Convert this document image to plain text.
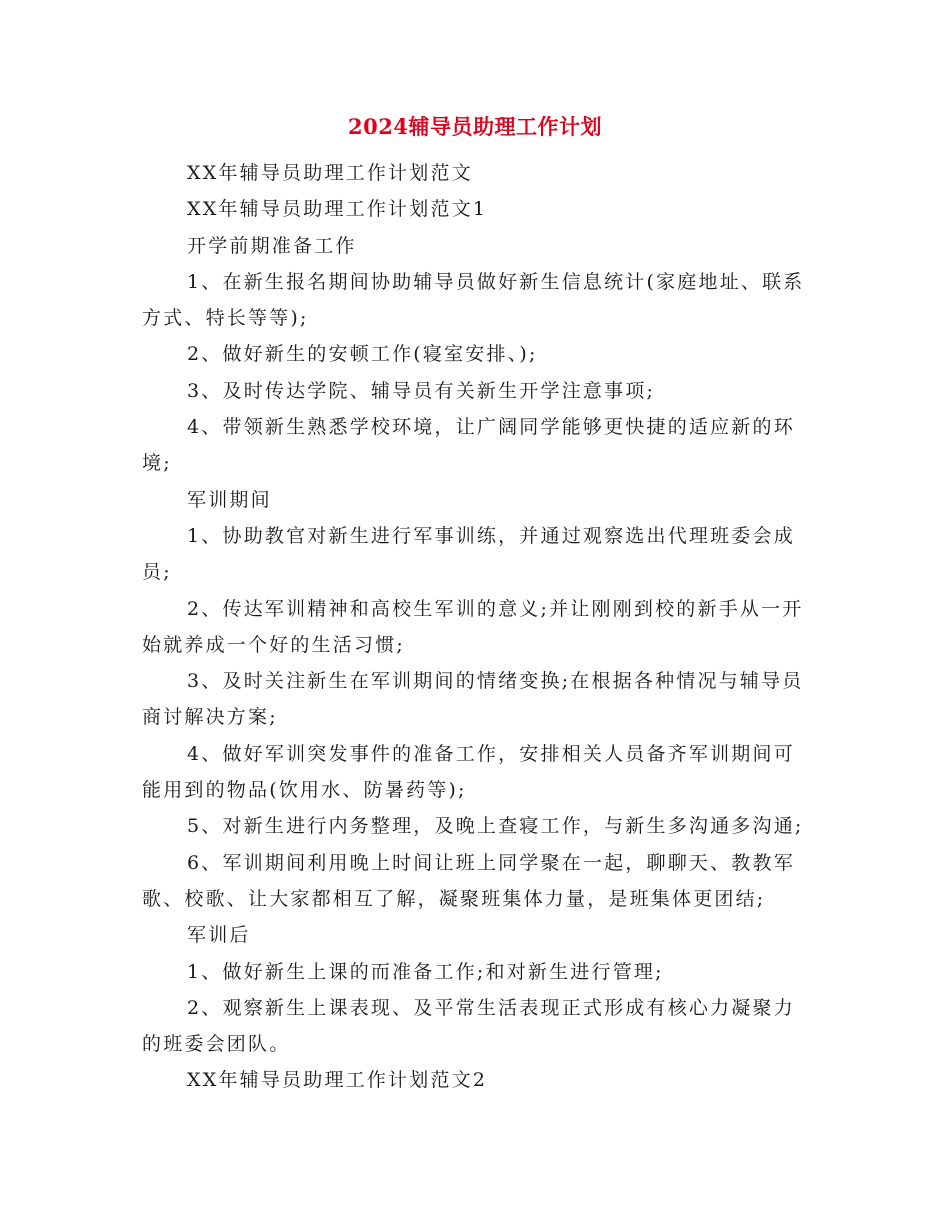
2024辅导员助理工作计划

XX年辅导员助理工作计划范文

XX年辅导员助理工作计划范文1

开学前期准备工作

1、在新生报名期间协助辅导员做好新生信息统计(家庭地址、联系方式、特长等等);

2、做好新生的安顿工作(寝室安排、);

3、及时传达学院、辅导员有关新生开学注意事项;

4、带领新生熟悉学校环境，让广阔同学能够更快捷的适应新的环境;

军训期间

1、协助教官对新生进行军事训练，并通过观察选出代理班委会成员;

2、传达军训精神和高校生军训的意义;并让刚刚到校的新手从一开始就养成一个好的生活习惯;

3、及时关注新生在军训期间的情绪变换;在根据各种情况与辅导员商讨解决方案;

4、做好军训突发事件的准备工作，安排相关人员备齐军训期间可能用到的物品(饮用水、防暑药等);

5、对新生进行内务整理，及晚上查寝工作，与新生多沟通多沟通;

6、军训期间利用晚上时间让班上同学聚在一起，聊聊天、教教军歌、校歌、让大家都相互了解，凝聚班集体力量，是班集体更团结;

军训后

1、做好新生上课的而准备工作;和对新生进行管理;

2、观察新生上课表现、及平常生活表现正式形成有核心力凝聚力的班委会团队。

XX年辅导员助理工作计划范文2
